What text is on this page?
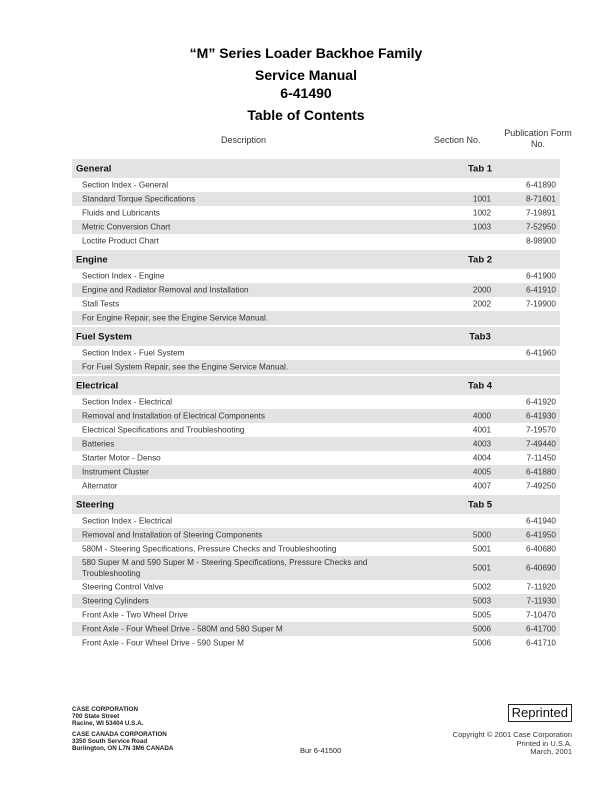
“M” Series Loader Backhoe Family
Service Manual
6-41490
Table of Contents
Description	Section No.
Publication Form
No.
General	Tab 1
Section Index - General	6-41890
Standard Torque Specifications	1001	8-71601
Fluids and Lubricants	1002	7-19891
Metric Conversion Chart	1003	7-52950
Loctite Product Chart	8-98900
Engine	Tab 2
Section Index - Engine	6-41900
Engine and Radiator Removal and Installation	2000	6-41910
Stall Tests	2002	7-19900
For Engine Repair, see the Engine Service Manual.
Fuel System	Tab3
Section Index - Fuel System	6-41960
For Fuel System Repair, see the Engine Service Manual.
Electrical	Tab 4
Section Index - Electrical	6-41920
Removal and Installation of Electrical Components	4000	6-41930
Electrical Specifications and Troubleshooting	4001	7-19570
Batteries	4003	7-49440
Starter Motor - Denso	4004	7-11450
Instrument Cluster	4005	6-41880
Alternator	4007	7-49250
Steering	Tab 5
Section Index - Electrical	6-41940
Removal and Installation of Steering Components	5000	6-41950
580M - Steering Specifications, Pressure Checks and Troubleshooting	5001	6-40680
580 Super M and 590 Super M - Steering Specifications, Pressure Checks and Troubleshooting
5001	6-40690
Steering Control Valve	5002	7-11920
Steering Cylinders	5003	7-11930
Front Axle - Two Wheel Drive	5005	7-10470
Front Axle - Four Wheel Drive - 580M and 580 Super M	5006	6-41700
Front Axle - Four Wheel Drive - 590 Super M	5006	6-41710
CASE CORPORATION
700 State Street
Racine, WI 53404 U.S.A.
CASE CANADA CORPORATION
3350 South Service Road
Burlington, ON L7N 3M6 CANADA	Bur 6-41500
Reprinted
Copyright © 2001 Case Corporation
Printed in U.S.A.
March, 2001
